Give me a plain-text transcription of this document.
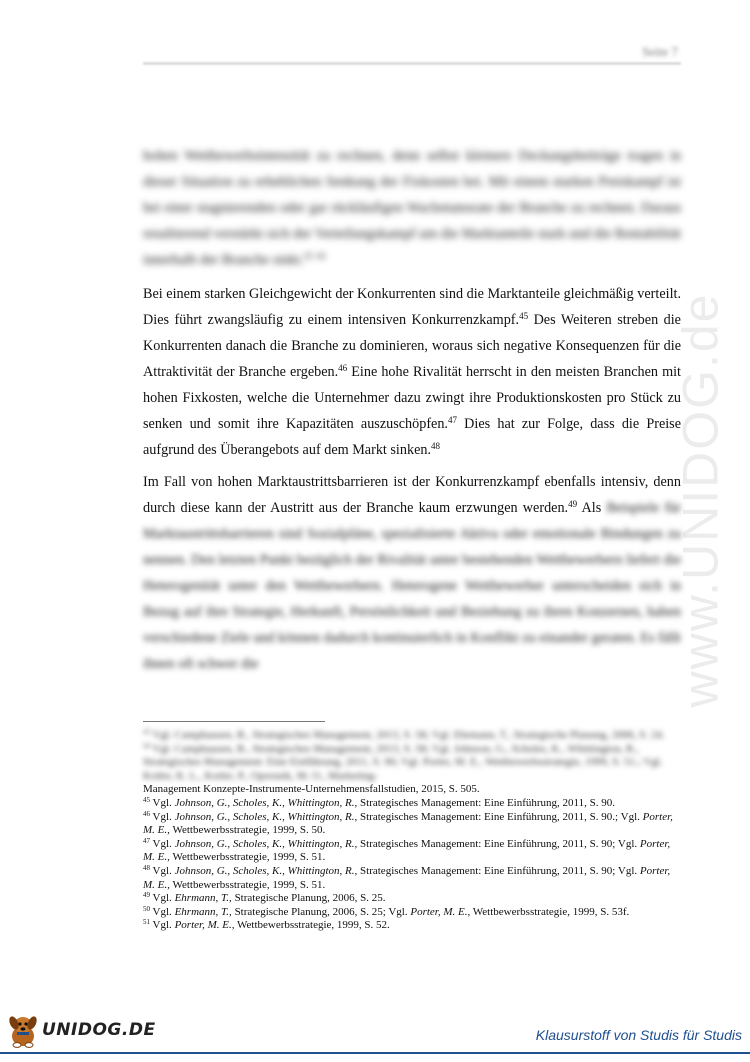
Seite 7

hohen Wettbewerbsintensität zu rechnen, denn selbst kleinere Deckungsbeiträge tragen in dieser Situation zu erheblichen Senkung der Fixkosten bei. Mit einem starken Preiskampf ist bei einer stagnierenden oder gar rückläufigen Wachstumsrate der Branche zu rechnen. Daraus resultierend verstärkt sich der Verteilungskampf um die Marktanteile stark und die Rentabilität innerhalb der Branche sinkt.$^{43}$ $^{44}$

Bei einem starken Gleichgewicht der Konkurrenten sind die Marktanteile gleichmäßig verteilt. Dies führt zwangsläufig zu einem intensiven Konkurrenzkampf.$^{45}$ Des Weiteren streben die Konkurrenten danach die Branche zu dominieren, woraus sich negative Konsequenzen für die Attraktivität der Branche ergeben.$^{46}$ Eine hohe Rivalität herrscht in den meisten Branchen mit hohen Fixkosten, welche die Unternehmer dazu zwingt ihre Produktionskosten pro Stück zu senken und somit ihre Kapazitäten auszuschöpfen.$^{47}$ Dies hat zur Folge, dass die Preise aufgrund des Überangebots auf dem Markt sinken.$^{48}$

Im Fall von hohen Marktaustrittsbarrieren ist der Konkurrenzkampf ebenfalls intensiv, denn durch diese kann der Austritt aus der Branche kaum erzwungen werden.$^{49}$ Als Beispiele für Marktaustrittsbarrieren sind Sozialpläne, spezialisierte Aktiva oder emotionale Bindungen zu nennen. Den letzten Punkt bezüglich der Rivalität unter bestehenden Wettbewerbern liefert die Heterogenität unter den Wettbewerbern. Heterogene Wettbewerber unterscheiden sich in Bezug auf ihre Strategie, Herkunft, Persönlichkeit und Beziehung zu ihren Konzernen, haben verschiedene Ziele und können dadurch kontinuierlich in Konflikt zu einander geraten. Es fällt ihnen oft schwer die

$^{43}$ Vgl. Camphausen, B., Strategisches Management, 2013, S. 58; Vgl. Ehrmann, T., Strategische Planung, 2006, S. 24.
$^{44}$ Vgl. Camphausen, B., Strategisches Management, 2013, S. 58; Vgl. Johnson, G., Scholes, K., Whittington, R., Strategisches Management: Eine Einführung, 2011, S. 90; Vgl. Porter, M. E., Wettbewerbsstrategie, 1999, S. 51.; Vgl. Kotler, K. L., Kotler, P., Opresnik, M. O., Marketing-
Management Konzepte-Instrumente-Unternehmensfallstudien, 2015, S. 505.
$^{45}$ Vgl. Johnson, G., Scholes, K., Whittington, R., Strategisches Management: Eine Einführung, 2011, S. 90.
$^{46}$ Vgl. Johnson, G., Scholes, K., Whittington, R., Strategisches Management: Eine Einführung, 2011, S. 90.; Vgl. Porter, M. E., Wettbewerbsstrategie, 1999, S. 50.
$^{47}$ Vgl. Johnson, G., Scholes, K., Whittington, R., Strategisches Management: Eine Einführung, 2011, S. 90; Vgl. Porter, M. E., Wettbewerbsstrategie, 1999, S. 51.
$^{48}$ Vgl. Johnson, G., Scholes, K., Whittington, R., Strategisches Management: Eine Einführung, 2011, S. 90; Vgl. Porter, M. E., Wettbewerbsstrategie, 1999, S. 51.
$^{49}$ Vgl. Ehrmann, T., Strategische Planung, 2006, S. 25.
$^{50}$ Vgl. Ehrmann, T., Strategische Planung, 2006, S. 25; Vgl. Porter, M. E., Wettbewerbsstrategie, 1999, S. 53f.
$^{51}$ Vgl. Porter, M. E., Wettbewerbsstrategie, 1999, S. 52.
www.UNIDOG.de
UNIDOG.DE	Klausurstoff von Studis für Studis
